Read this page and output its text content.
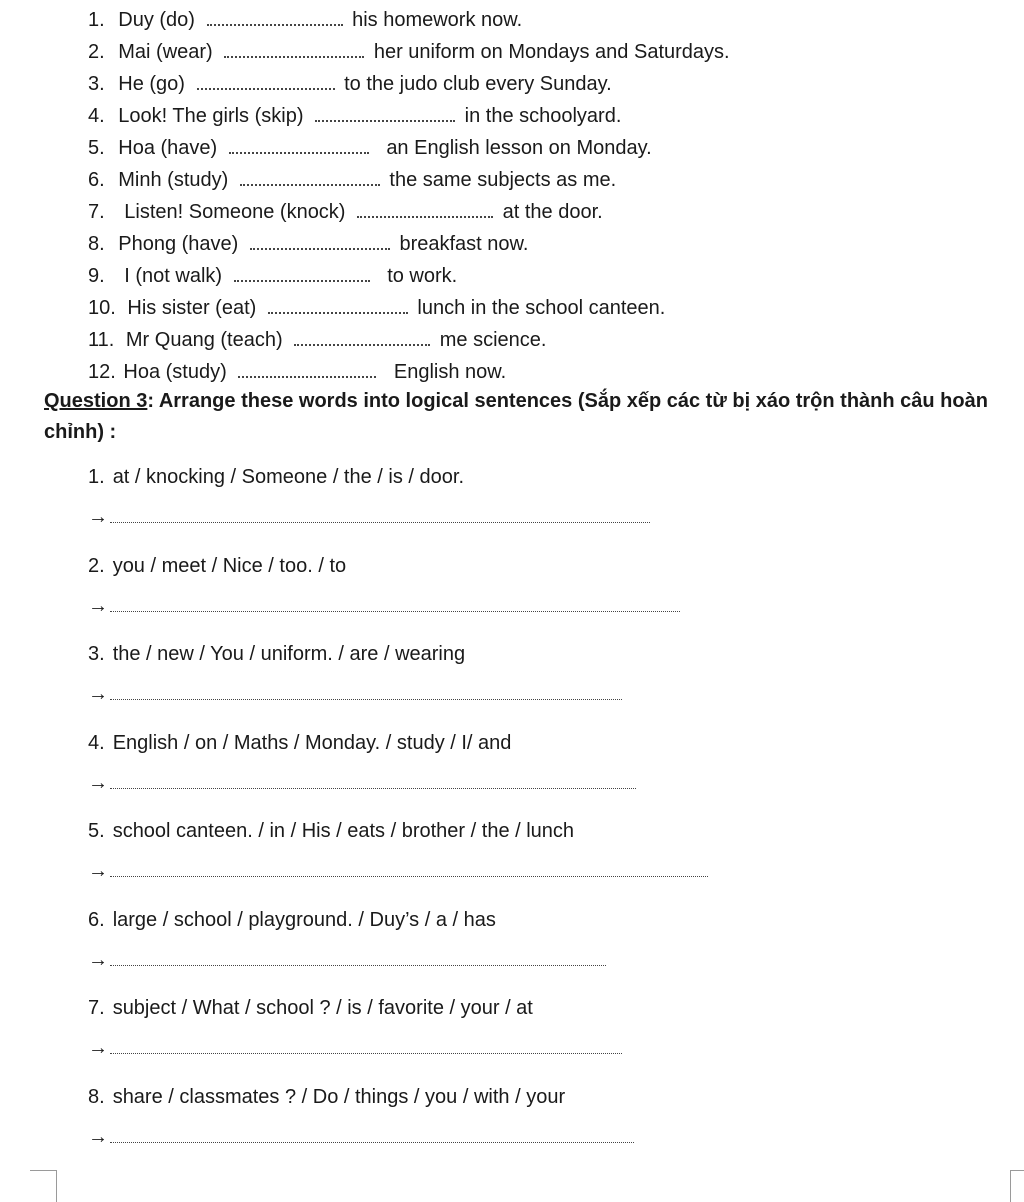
1. Duy (do)	his homework now.
2. Mai (wear)	her uniform on Mondays and Saturdays.
3. He (go)	to the judo club every Sunday.
4. Look! The girls (skip)	in the schoolyard.
5. Hoa (have)	an English lesson on Monday.
6. Minh (study)	the same subjects as me.
7. Listen! Someone (knock)	at the door.
8. Phong (have)	breakfast now.
9. I (not walk)	to work.
10. His sister (eat)	lunch in the school canteen.
11. Mr Quang (teach)	me science.
12. Hoa (study)	English now.
Question 3: Arrange these words into logical sentences (Sắp xếp các từ bị xáo trộn thành câu hoàn chỉnh) :
1. at / knocking / Someone / the / is / door.
→
2. you / meet / Nice / too. / to
→
3. the / new / You / uniform. / are / wearing
→
4. English / on / Maths / Monday. / study / I/ and
→
5. school canteen. / in / His / eats / brother / the / lunch
→
6. large / school / playground. / Duy’s / a / has
→
7. subject / What / school ? / is / favorite / your / at
→
8. share / classmates ? / Do / things / you / with / your
→
